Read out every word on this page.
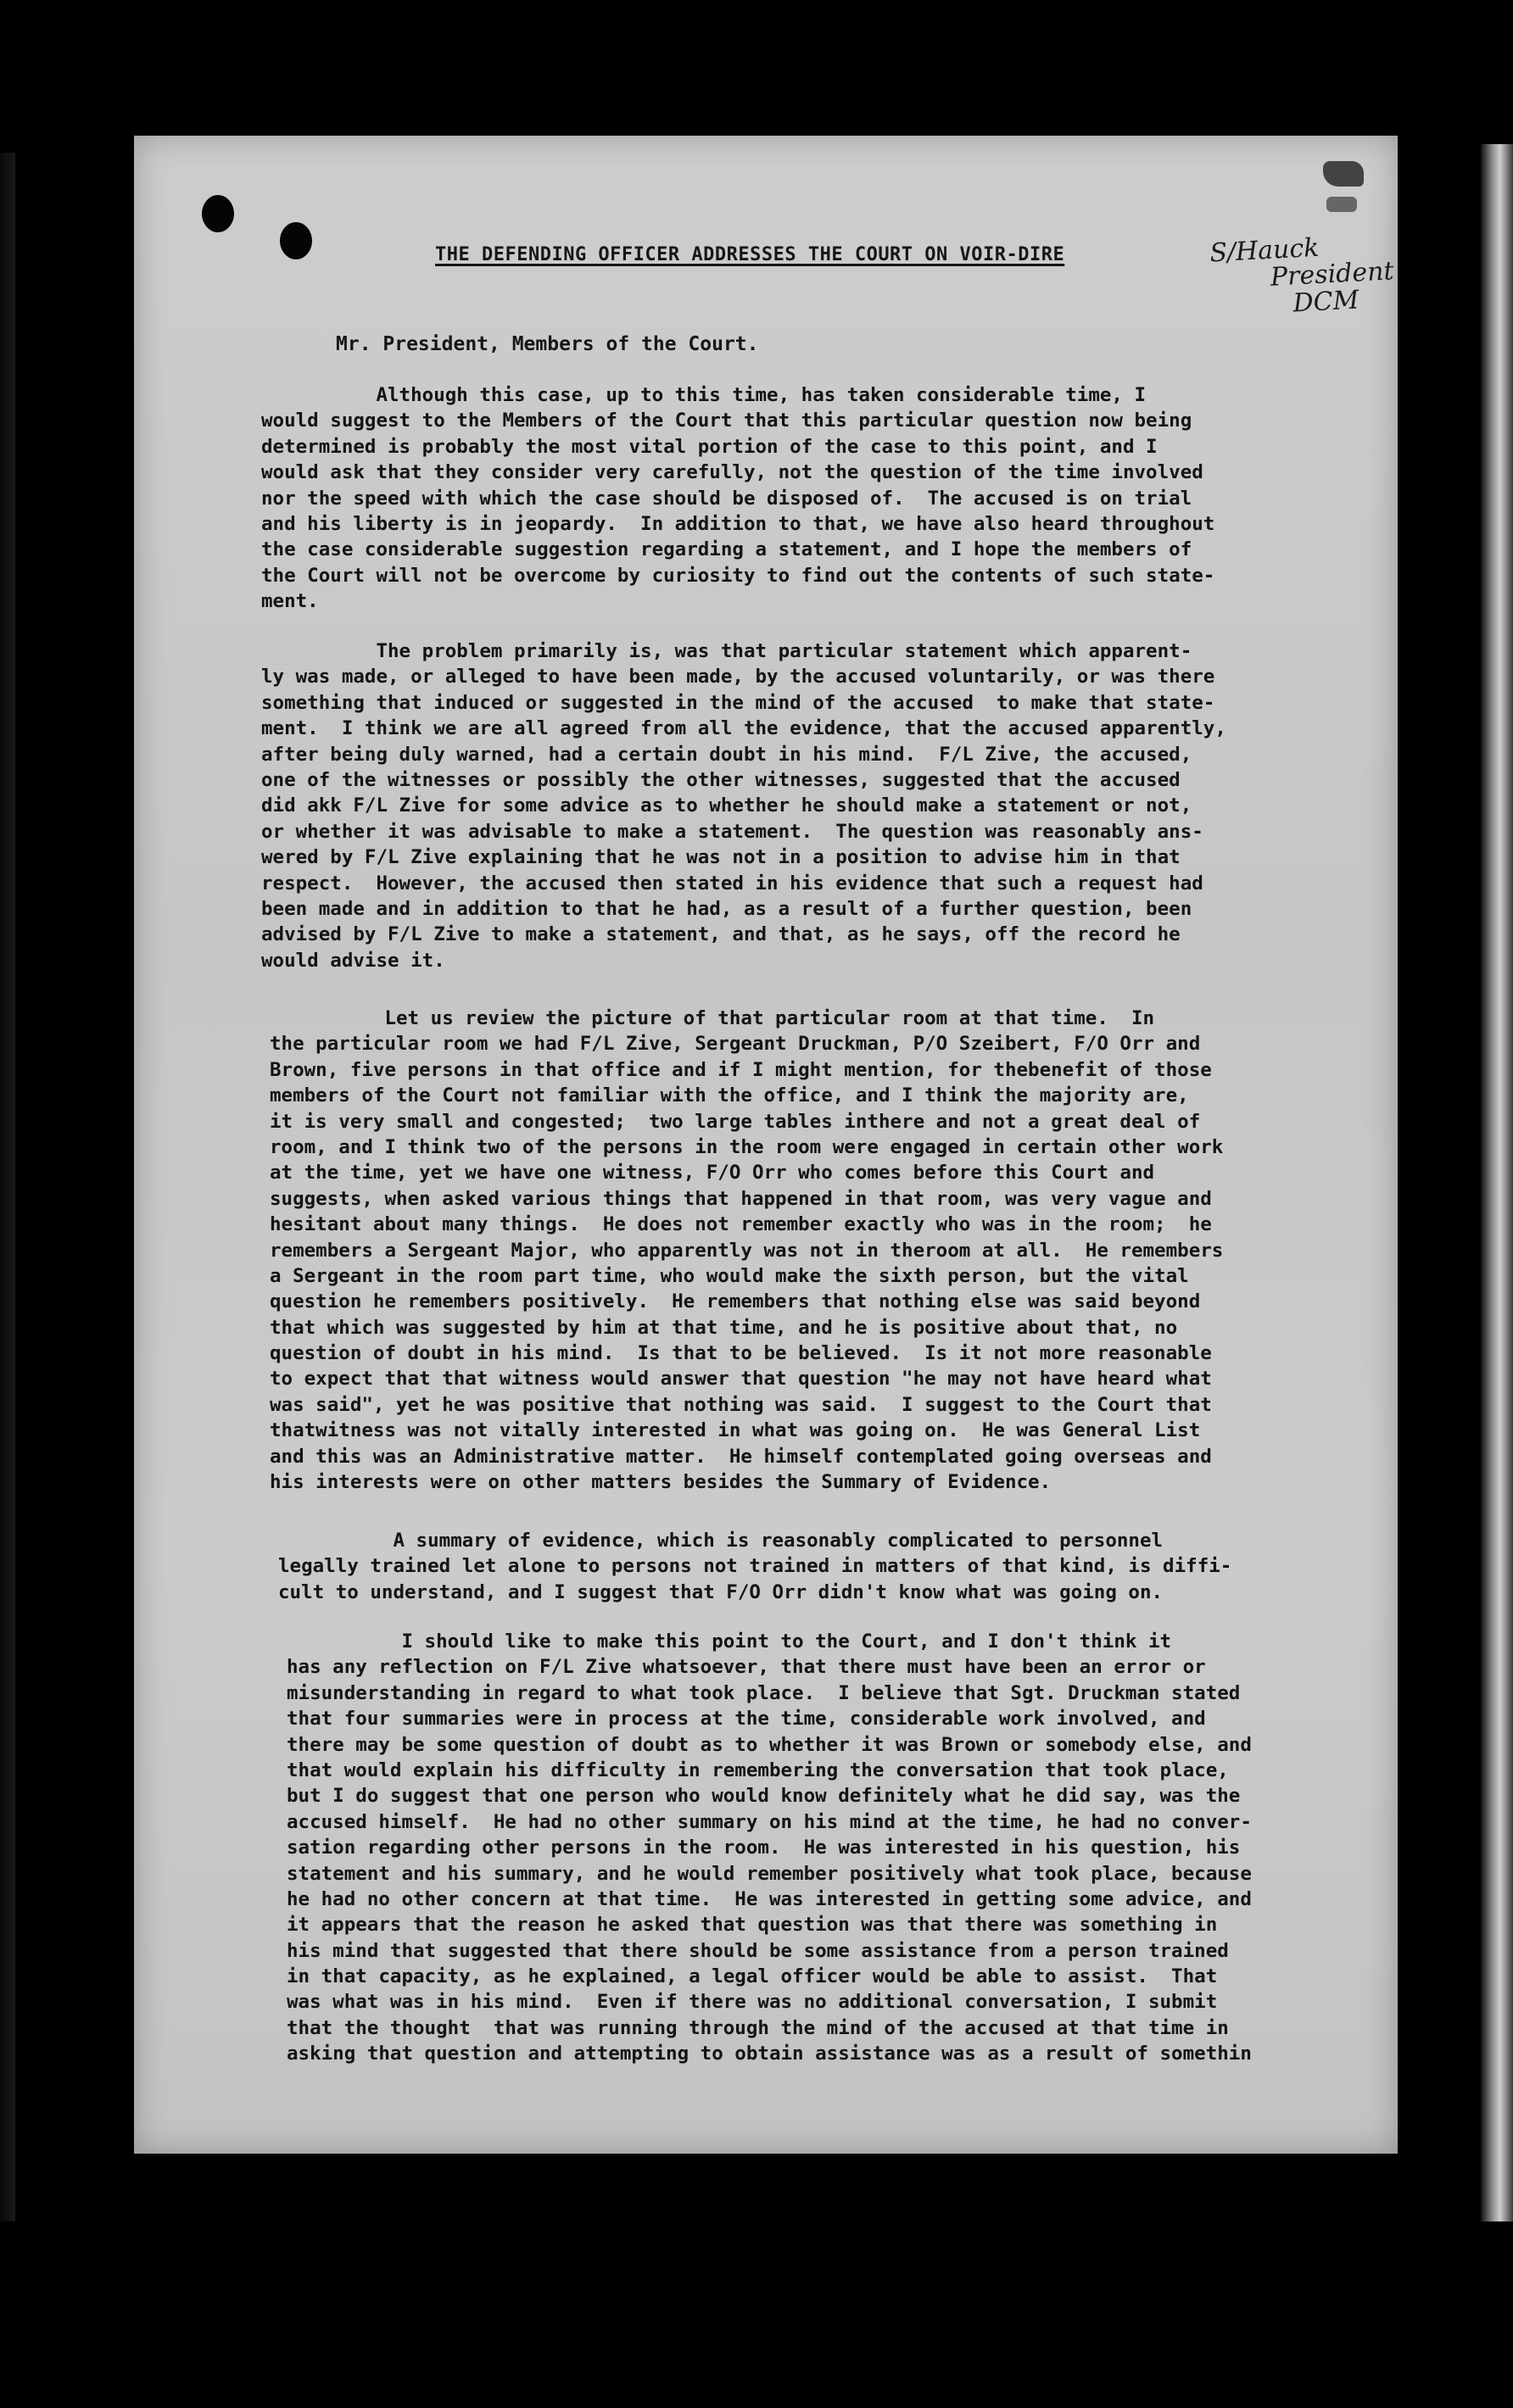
THE DEFENDING OFFICER ADDRESSES THE COURT ON VOIR-DIRE	S/Hauck
President
DCM
Mr. President, Members of the Court.
Although this case, up to this time, has taken considerable time, I
would suggest to the Members of the Court that this particular question now being
determined is probably the most vital portion of the case to this point, and I
would ask that they consider very carefully, not the question of the time involved
nor the speed with which the case should be disposed of.  The accused is on trial
and his liberty is in jeopardy.  In addition to that, we have also heard throughout
the case considerable suggestion regarding a statement, and I hope the members of
the Court will not be overcome by curiosity to find out the contents of such state-
ment.
The problem primarily is, was that particular statement which apparent-
ly was made, or alleged to have been made, by the accused voluntarily, or was there
something that induced or suggested in the mind of the accused  to make that state-
ment.  I think we are all agreed from all the evidence, that the accused apparently,
after being duly warned, had a certain doubt in his mind.  F/L Zive, the accused,
one of the witnesses or possibly the other witnesses, suggested that the accused
did akk F/L Zive for some advice as to whether he should make a statement or not,
or whether it was advisable to make a statement.  The question was reasonably ans-
wered by F/L Zive explaining that he was not in a position to advise him in that
respect.  However, the accused then stated in his evidence that such a request had
been made and in addition to that he had, as a result of a further question, been
advised by F/L Zive to make a statement, and that, as he says, off the record he
would advise it.
Let us review the picture of that particular room at that time.  In
the particular room we had F/L Zive, Sergeant Druckman, P/O Szeibert, F/O Orr and
Brown, five persons in that office and if I might mention, for thebenefit of those
members of the Court not familiar with the office, and I think the majority are,
it is very small and congested;  two large tables inthere and not a great deal of
room, and I think two of the persons in the room were engaged in certain other work
at the time, yet we have one witness, F/O Orr who comes before this Court and
suggests, when asked various things that happened in that room, was very vague and
hesitant about many things.  He does not remember exactly who was in the room;  he
remembers a Sergeant Major, who apparently was not in theroom at all.  He remembers
a Sergeant in the room part time, who would make the sixth person, but the vital
question he remembers positively.  He remembers that nothing else was said beyond
that which was suggested by him at that time, and he is positive about that, no
question of doubt in his mind.  Is that to be believed.  Is it not more reasonable
to expect that that witness would answer that question "he may not have heard what
was said", yet he was positive that nothing was said.  I suggest to the Court that
thatwitness was not vitally interested in what was going on.  He was General List
and this was an Administrative matter.  He himself contemplated going overseas and
his interests were on other matters besides the Summary of Evidence.
A summary of evidence, which is reasonably complicated to personnel
legally trained let alone to persons not trained in matters of that kind, is diffi-
cult to understand, and I suggest that F/O Orr didn't know what was going on.
I should like to make this point to the Court, and I don't think it
has any reflection on F/L Zive whatsoever, that there must have been an error or
misunderstanding in regard to what took place.  I believe that Sgt. Druckman stated
that four summaries were in process at the time, considerable work involved, and
there may be some question of doubt as to whether it was Brown or somebody else, and
that would explain his difficulty in remembering the conversation that took place,
but I do suggest that one person who would know definitely what he did say, was the
accused himself.  He had no other summary on his mind at the time, he had no conver-
sation regarding other persons in the room.  He was interested in his question, his
statement and his summary, and he would remember positively what took place, because
he had no other concern at that time.  He was interested in getting some advice, and
it appears that the reason he asked that question was that there was something in
his mind that suggested that there should be some assistance from a person trained
in that capacity, as he explained, a legal officer would be able to assist.  That
was what was in his mind.  Even if there was no additional conversation, I submit
that the thought  that was running through the mind of the accused at that time in
asking that question and attempting to obtain assistance was as a result of somethin
